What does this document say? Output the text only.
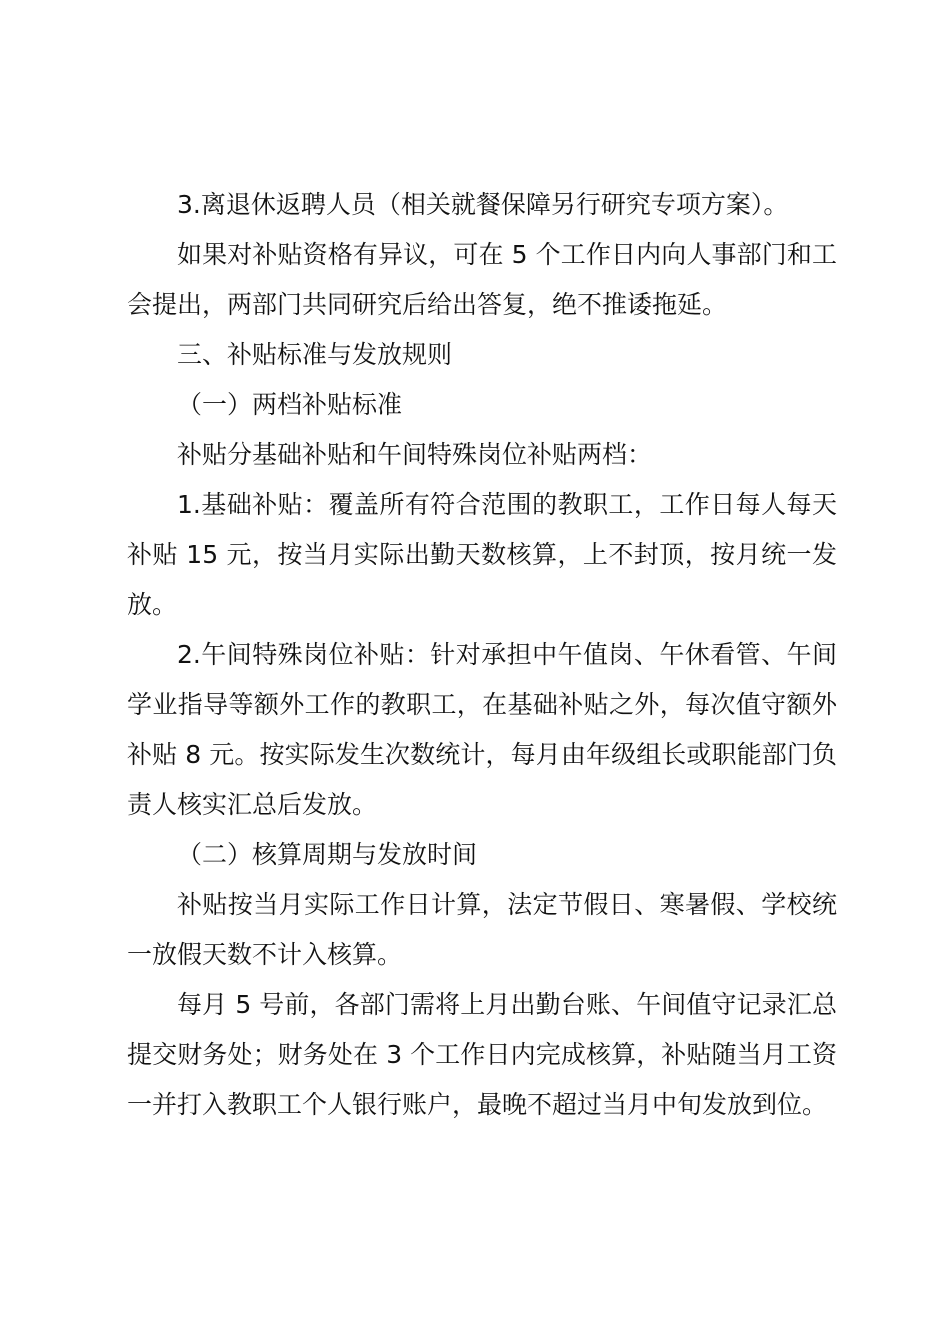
3.离退休返聘人员（相关就餐保障另行研究专项方案）。

如果对补贴资格有异议，可在 5 个工作日内向人事部门和工会提出，两部门共同研究后给出答复，绝不推诿拖延。

三、补贴标准与发放规则

（一）两档补贴标准

补贴分基础补贴和午间特殊岗位补贴两档：

1.基础补贴：覆盖所有符合范围的教职工，工作日每人每天补贴 15 元，按当月实际出勤天数核算，上不封顶，按月统一发放。

2.午间特殊岗位补贴：针对承担中午值岗、午休看管、午间学业指导等额外工作的教职工，在基础补贴之外，每次值守额外补贴 8 元。按实际发生次数统计，每月由年级组长或职能部门负责人核实汇总后发放。

（二）核算周期与发放时间

补贴按当月实际工作日计算，法定节假日、寒暑假、学校统一放假天数不计入核算。

每月 5 号前，各部门需将上月出勤台账、午间值守记录汇总提交财务处；财务处在 3 个工作日内完成核算，补贴随当月工资一并打入教职工个人银行账户，最晚不超过当月中旬发放到位。
